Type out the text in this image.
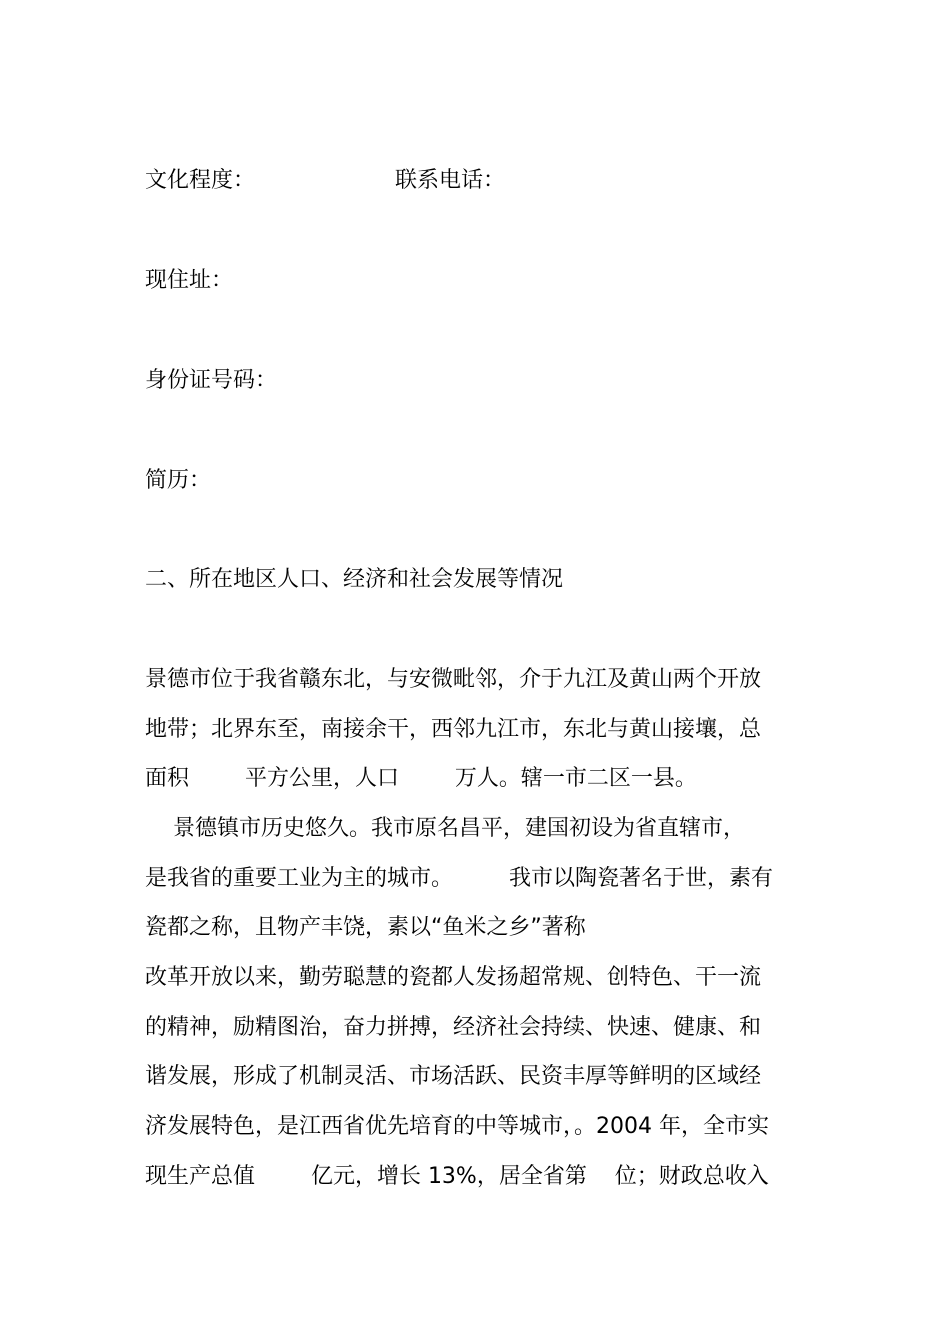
文化程度：	联系电话：

现住址：

身份证号码：

简历：

二、所在地区人口、经济和社会发展等情况

景德市位于我省赣东北，与安微毗邻，介于九江及黄山两个开放

地带；北界东至，南接余干，西邻九江市，东北与黄山接壤，总

面积        平方公里，人口        万人。辖一市二区一县。

景德镇市历史悠久。我市原名昌平，建国初设为省直辖市，

是我省的重要工业为主的城市。        我市以陶瓷著名于世，素有

瓷都之称，且物产丰饶，素以“鱼米之乡”著称

改革开放以来，勤劳聪慧的瓷都人发扬超常规、创特色、干一流

的精神，励精图治，奋力拼搏，经济社会持续、快速、健康、和

谐发展，形成了机制灵活、市场活跃、民资丰厚等鲜明的区域经

济发展特色，是江西省优先培育的中等城市，。2004 年，全市实

现生产总值        亿元，增长 13%，居全省第    位；财政总收入
